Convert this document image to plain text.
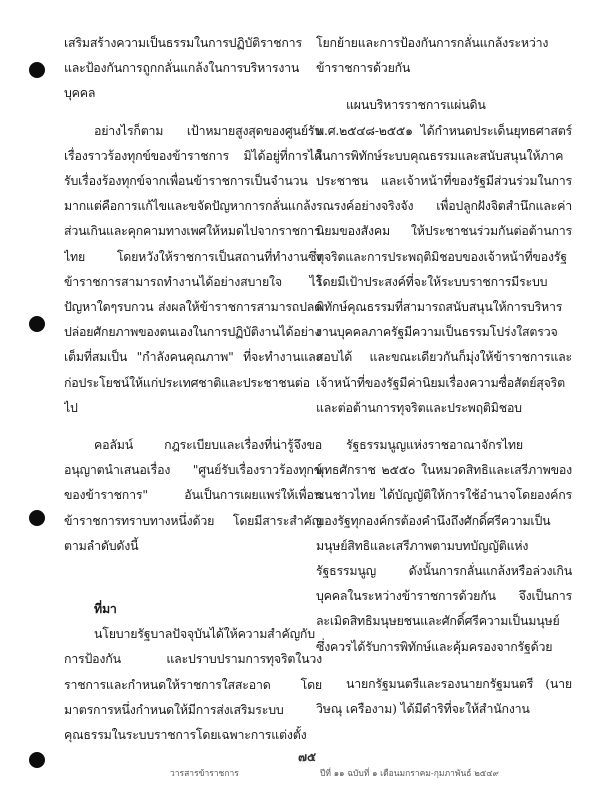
เสริมสร้างความเป็นธรรมในการปฏิบัติราชการและป้องกันการถูกกลั่นแกล้งในการบริหารงานบุคคล

อย่างไรก็ตาม เป้าหมายสูงสุดของศูนย์รับเรื่องราวร้องทุกข์ของข้าราชการ มิได้อยู่ที่การได้รับเรื่องร้องทุกข์จากเพื่อนข้าราชการเป็นจำนวนมากแต่คือการแก้ไขและขจัดปัญหาการกลั่นแกล้ง ส่วนเกินและคุกคามทางเพศให้หมดไปจากราชการไทย โดยหวังให้ราชการเป็นสถานที่ทำงานซึ่งข้าราชการสามารถทำงานได้อย่างสบายใจ ไร้ปัญหาใดๆรบกวน ส่งผลให้ข้าราชการสามารถปลดปล่อยศักยภาพของตนเองในการปฏิบัติงานได้อย่างเต็มที่สมเป็น "กำลังคนคุณภาพ" ที่จะทำงานและก่อประโยชน์ให้แก่ประเทศชาติและประชาชนต่อไป

คอลัมน์ กฎระเบียบและเรื่องที่น่ารู้จึงขออนุญาตนำเสนอเรื่อง "ศูนย์รับเรื่องราวร้องทุกข์ของข้าราชการ" อันเป็นการเผยแพร่ให้เพื่อนข้าราชการทราบทางหนึ่งด้วย โดยมีสาระสำคัญตามลำดับดังนี้

ที่มา

นโยบายรัฐบาลปัจจุบันได้ให้ความสำคัญกับการป้องกัน และปราบปรามการทุจริตในวงราชการและกำหนดให้ราชการใสสะอาด โดยมาตรการหนึ่งกำหนดให้มีการส่งเสริมระบบคุณธรรมในระบบราชการโดยเฉพาะการแต่งตั้ง

โยกย้ายและการป้องกันการกลั่นแกล้งระหว่างข้าราชการด้วยกัน

แผนบริหารราชการแผ่นดิน พ.ศ.๒๕๔๘-๒๕๕๑ ได้กำหนดประเด็นยุทธศาสตร์ในการพิทักษ์ระบบคุณธรรมและสนับสนุนให้ภาคประชาชน และเจ้าหน้าที่ของรัฐมีส่วนร่วมในการรณรงค์อย่างจริงจัง เพื่อปลูกฝังจิตสำนึกและค่านิยมของสังคม ให้ประชาชนร่วมกันต่อต้านการทุจริตและการประพฤติมิชอบของเจ้าหน้าที่ของรัฐ โดยมีเป้าประสงค์ที่จะให้ระบบราชการมีระบบพิทักษ์คุณธรรมที่สามารถสนับสนุนให้การบริหารงานบุคคลภาครัฐมีความเป็นธรรมโปร่งใสตรวจสอบได้ และขณะเดียวกันก็มุ่งให้ข้าราชการและเจ้าหน้าที่ของรัฐมีค่านิยมเรื่องความซื่อสัตย์สุจริตและต่อต้านการทุจริตและประพฤติมิชอบ

รัฐธรรมนูญแห่งราชอาณาจักรไทย พุทธศักราช ๒๕๕๐ ในหมวดสิทธิและเสรีภาพของชนชาวไทย ได้บัญญัติให้การใช้อำนาจโดยองค์กรของรัฐทุกองค์กรต้องคำนึงถึงศักดิ์ศรีความเป็นมนุษย์สิทธิและเสรีภาพตามบทบัญญัติแห่งรัฐธรรมนูญ ดังนั้นการกลั่นแกล้งหรือล่วงเกินบุคคลในระหว่างข้าราชการด้วยกัน จึงเป็นการละเมิดสิทธิมนุษยชนและศักดิ์ศรีความเป็นมนุษย์ซึ่งควรได้รับการพิทักษ์และคุ้มครองจากรัฐด้วย

นายกรัฐมนตรีและรองนายกรัฐมนตรี (นายวิษณุ เครืองาม) ได้มีดำริที่จะให้สำนักงาน

๗๕
วารสารข้าราชการ	ปีที่ ๑๑ ฉบับที่ ๑ เดือนมกราคม-กุมภาพันธ์ ๒๕๔๙
